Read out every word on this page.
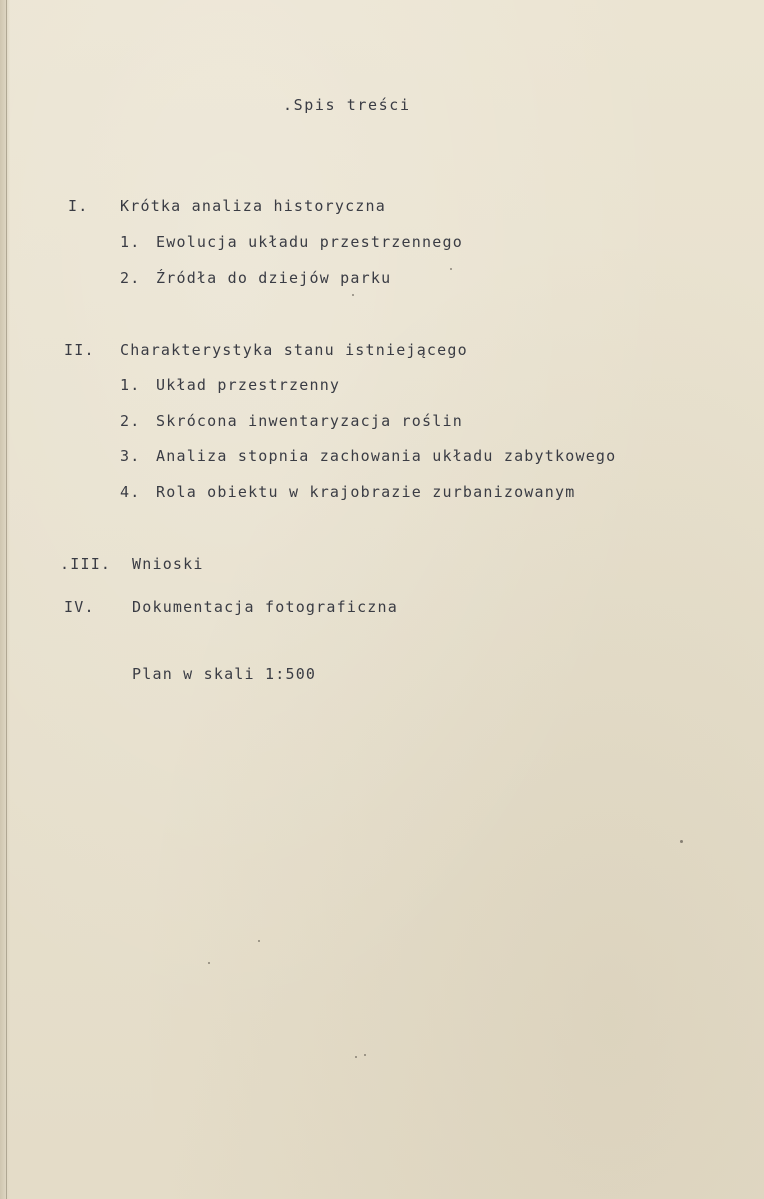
.Spis treści
I. Krótka analiza historyczna
1. Ewolucja układu przestrzennego
2. Źródła do dziejów parku
II. Charakterystyka stanu istniejącego
1. Układ przestrzenny
2. Skrócona inwentaryzacja roślin
3. Analiza stopnia zachowania układu zabytkowego
4. Rola obiektu w krajobrazie zurbanizowanym
.III. Wnioski
IV. Dokumentacja fotograficzna
Plan w skali 1:500
